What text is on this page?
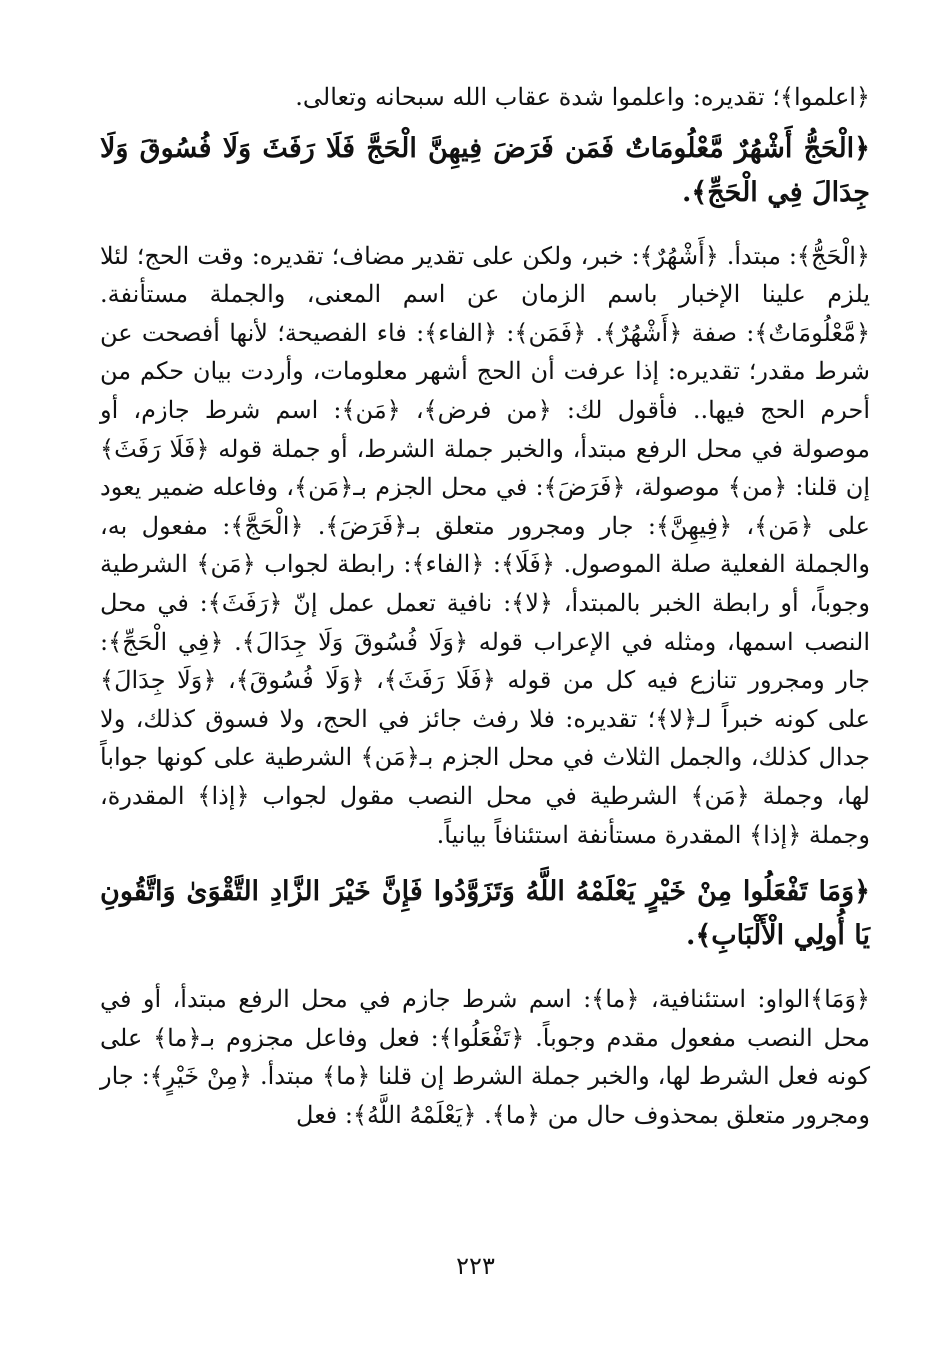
﴿اعلموا﴾؛ تقديره: واعلموا شدة عقاب الله سبحانه وتعالى.

﴿الْحَجُّ أَشْهُرٌ مَّعْلُومَاتٌ فَمَن فَرَضَ فِيهِنَّ الْحَجَّ فَلَا رَفَثَ وَلَا فُسُوقَ وَلَا جِدَالَ فِي الْحَجِّ﴾.

﴿الْحَجُّ﴾: مبتدأ. ﴿أَشْهُرٌ﴾: خبر، ولكن على تقدير مضاف؛ تقديره: وقت الحج؛ لئلا يلزم علينا الإخبار باسم الزمان عن اسم المعنى، والجملة مستأنفة. ﴿مَّعْلُومَاتٌ﴾: صفة ﴿أَشْهُرٌ﴾. ﴿فَمَن﴾: ﴿الفاء﴾: فاء الفصيحة؛ لأنها أفصحت عن شرط مقدر؛ تقديره: إذا عرفت أن الحج أشهر معلومات، وأردت بيان حكم من أحرم الحج فيها.. فأقول لك: ﴿من فرض﴾، ﴿مَن﴾: اسم شرط جازم، أو موصولة في محل الرفع مبتدأ، والخبر جملة الشرط، أو جملة قوله ﴿فَلَا رَفَثَ﴾ إن قلنا: ﴿من﴾ موصولة، ﴿فَرَضَ﴾: في محل الجزم بـ﴿مَن﴾، وفاعله ضمير يعود على ﴿مَن﴾، ﴿فِيهِنَّ﴾: جار ومجرور متعلق بـ﴿فَرَضَ﴾. ﴿الْحَجَّ﴾: مفعول به، والجملة الفعلية صلة الموصول. ﴿فَلَا﴾: ﴿الفاء﴾: رابطة لجواب ﴿مَن﴾ الشرطية وجوباً، أو رابطة الخبر بالمبتدأ، ﴿لا﴾: نافية تعمل عمل إنّ ﴿رَفَثَ﴾: في محل النصب اسمها، ومثله في الإعراب قوله ﴿وَلَا فُسُوقَ وَلَا جِدَالَ﴾. ﴿فِي الْحَجِّ﴾: جار ومجرور تنازع فيه كل من قوله ﴿فَلَا رَفَثَ﴾، ﴿وَلَا فُسُوقَ﴾، ﴿وَلَا جِدَالَ﴾ على كونه خبراً لـ﴿لا﴾؛ تقديره: فلا رفث جائز في الحج، ولا فسوق كذلك، ولا جدال كذلك، والجمل الثلاث في محل الجزم بـ﴿مَن﴾ الشرطية على كونها جواباً لها، وجملة ﴿مَن﴾ الشرطية في محل النصب مقول لجواب ﴿إذا﴾ المقدرة، وجملة ﴿إذا﴾ المقدرة مستأنفة استئنافاً بيانياً.

﴿وَمَا تَفْعَلُوا مِنْ خَيْرٍ يَعْلَمْهُ اللَّهُ وَتَزَوَّدُوا فَإِنَّ خَيْرَ الزَّادِ التَّقْوَىٰ وَاتَّقُونِ يَا أُولِي الْأَلْبَابِ﴾.

﴿وَمَا﴾الواو: استئنافية، ﴿ما﴾: اسم شرط جازم في محل الرفع مبتدأ، أو في محل النصب مفعول مقدم وجوباً. ﴿تَفْعَلُوا﴾: فعل وفاعل مجزوم بـ﴿ما﴾ على كونه فعل الشرط لها، والخبر جملة الشرط إن قلنا ﴿ما﴾ مبتدأ. ﴿مِنْ خَيْرٍ﴾: جار ومجرور متعلق بمحذوف حال من ﴿ما﴾. ﴿يَعْلَمْهُ اللَّهُ﴾: فعل

٢٢٣
